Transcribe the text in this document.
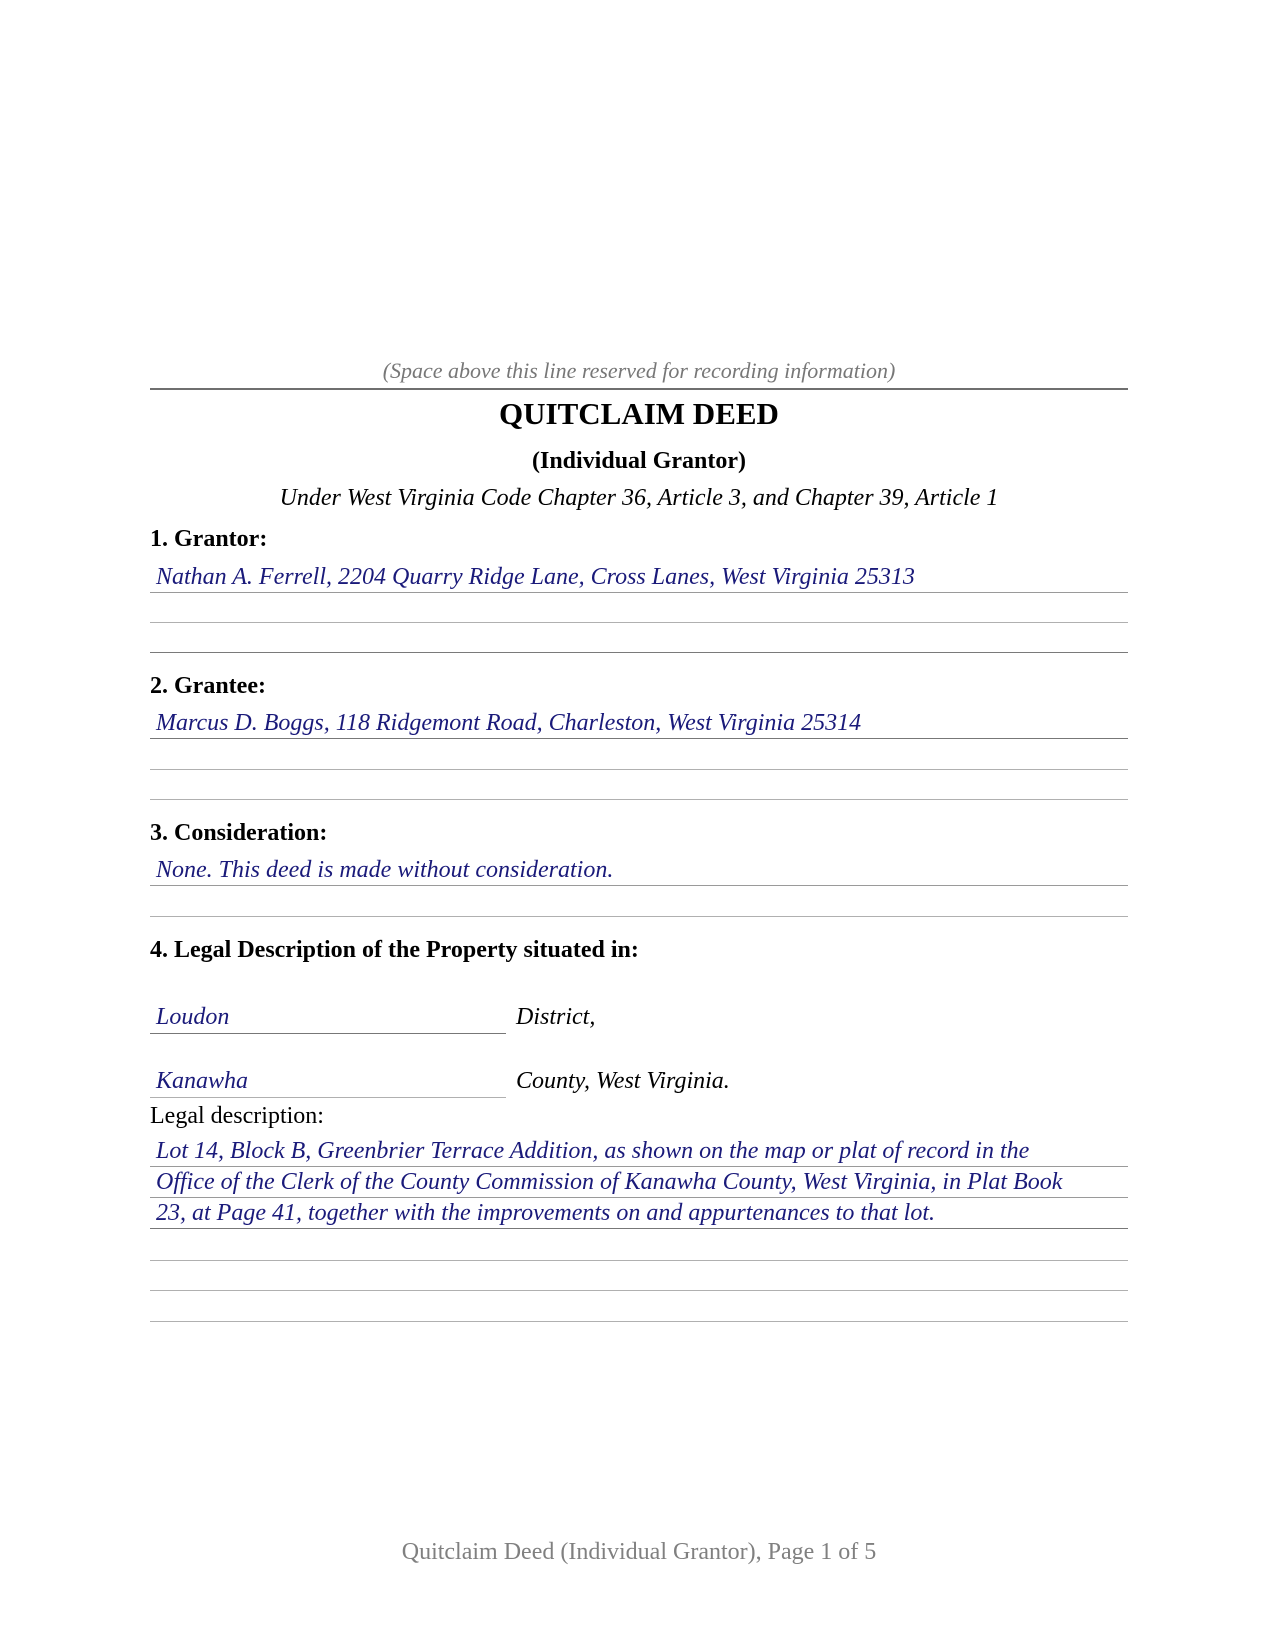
(Space above this line reserved for recording information)
QUITCLAIM DEED
(Individual Grantor)
Under West Virginia Code Chapter 36, Article 3, and Chapter 39, Article 1
1. Grantor:
Nathan A. Ferrell, 2204 Quarry Ridge Lane, Cross Lanes, West Virginia 25313
2. Grantee:
Marcus D. Boggs, 118 Ridgemont Road, Charleston, West Virginia 25314
3. Consideration:
None. This deed is made without consideration.
4. Legal Description of the Property situated in:
Loudon	District,
Kanawha	County, West Virginia.
Legal description:
Lot 14, Block B, Greenbrier Terrace Addition, as shown on the map or plat of record in the
Office of the Clerk of the County Commission of Kanawha County, West Virginia, in Plat Book
23, at Page 41, together with the improvements on and appurtenances to that lot.
Quitclaim Deed (Individual Grantor), Page 1 of 5
